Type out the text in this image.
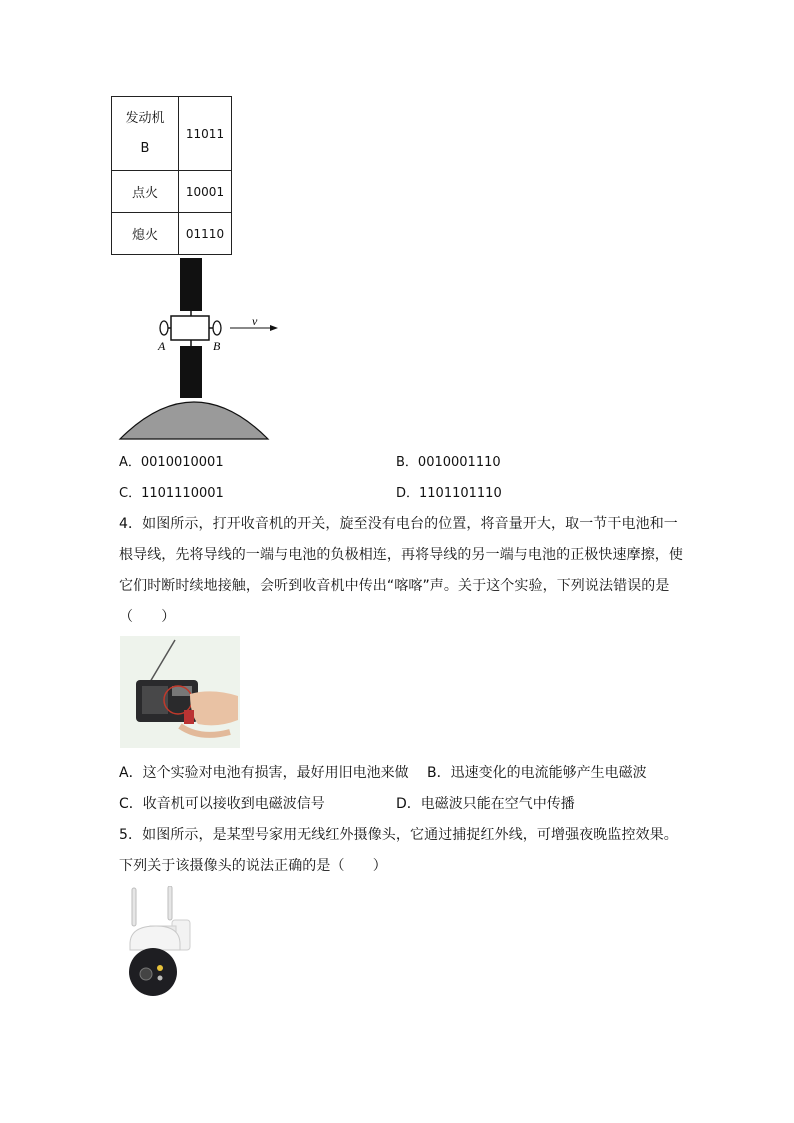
发动机
B	11011
点火	10001
熄火	01110
v
A	B
A．0010010001	B．0010001110
C．1101110001	D．1101101110
4．如图所示，打开收音机的开关，旋至没有电台的位置，将音量开大，取一节干电池和一
根导线，先将导线的一端与电池的负极相连，再将导线的另一端与电池的正极快速摩擦，使
它们时断时续地接触，会听到收音机中传出“喀喀”声。关于这个实验，下列说法错误的是
（　　）
A．这个实验对电池有损害，最好用旧电池来做 B．迅速变化的电流能够产生电磁波
C．收音机可以接收到电磁波信号	D．电磁波只能在空气中传播
5．如图所示，是某型号家用无线红外摄像头，它通过捕捉红外线，可增强夜晚监控效果。
下列关于该摄像头的说法正确的是（　　）
